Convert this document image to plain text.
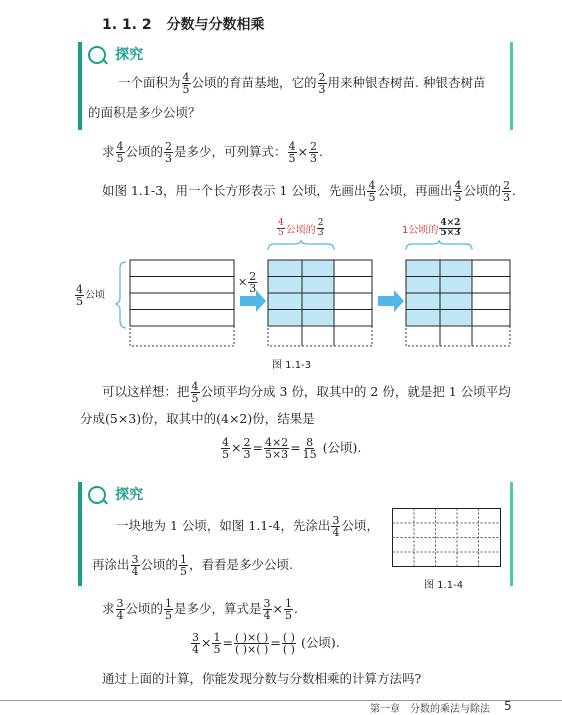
1. 1. 2 分数与分数相乘
探究
一个面积为 $\frac{4}{5}$ 公顷的育苗基地，它的 $\frac{2}{3}$ 用来种银杏树苗. 种银杏树苗
的面积是多少公顷？
求 $\frac{4}{5}$ 公顷的 $\frac{2}{3}$ 是多少，可列算式： $\frac{4}{5} \times \frac{2}{3}$ .
如图 1.1-3，用一个长方形表示 1 公顷，先画出 $\frac{4}{5}$ 公顷，再画出 $\frac{4}{5}$ 公顷的 $\frac{2}{3}$ .
$\frac{4}{5}$ 公顷
× $\frac{2}{3}$
$\frac{4}{5}$ 公顷的 $\frac{2}{3}$	1公顷的 $\frac{4\times 2}{5\times 3}$
图 1.1-3
可以这样想：把 $\frac{4}{5}$ 公顷平均分成 3 份，取其中的 2 份，就是把 1 公顷平均
分成(5×3)份，取其中的(4×2)份，结果是
$\frac{4}{5} \times \frac{2}{3} = \frac{4\times 2}{5\times 3} = \frac{8}{15}$ (公顷).
探究
一块地为 1 公顷，如图 1.1-4，先涂出 $\frac{3}{4}$ 公顷，
再涂出 $\frac{3}{4}$ 公顷的 $\frac{1}{5}$ ，看看是多少公顷.
图 1.1-4
求 $\frac{3}{4}$ 公顷的 $\frac{1}{5}$ 是多少，算式是 $\frac{3}{4} \times \frac{1}{5}$ .
$\frac{3}{4} \times \frac{1}{5} = \frac{( )\times( )}{( )\times( )} = \frac{( )}{( )}$ (公顷).
通过上面的计算，你能发现分数与分数相乘的计算方法吗?
第一章　分数的乘法与除法 5
